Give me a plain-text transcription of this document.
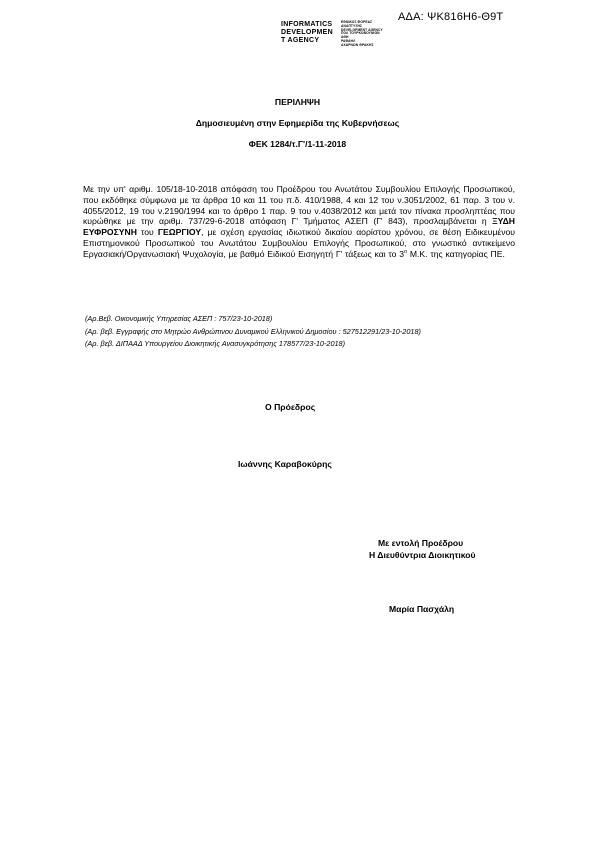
ΑΔΑ: ΨΚ816Η6-Θ9Τ
INFORMATICS
DEVELOPMEN
T AGENCY
ΕΘΝΙΚΟΣ ΦΟΡΕΑΣ
ΑΝΑΠΤΥΞΗΣ
DEVELOPMENT AGENCY
ΠΟΛ ΤΟΥΡΚΟΒΟΥΝΙΩΝ
ΑΘΗ
ΡΑΦΑΗΛ
ΑΧΑΡΝΩΝ ΘΡΑΚΗΣ
ΠΕΡΙΛΗΨΗ
Δημοσιευμένη στην Εφημερίδα της Κυβερνήσεως
ΦΕΚ 1284/τ.Γ'/1-11-2018
Με την υπ' αριθμ. 105/18-10-2018 απόφαση του Προέδρου του Ανωτάτου Συμβουλίου Επιλογής Προσωπικού, που εκδόθηκε σύμφωνα με τα άρθρα 10 και 11 του π.δ. 410/1988, 4 και 12 του ν.3051/2002, 61 παρ. 3 του ν. 4055/2012, 19 του ν.2190/1994 και το άρθρο 1 παρ. 9 του ν.4038/2012 και μετά τον πίνακα προσληπτέας που κυρώθηκε με την αριθμ. 737/29-6-2018 απόφαση Γ' Τμήματος ΑΣΕΠ (Γ' 843), προσλαμβάνεται η ΞΥΔΗ ΕΥΦΡΟΣΥΝΗ του ΓΕΩΡΓΙΟΥ, με σχέση εργασίας ιδιωτικού δικαίου αορίστου χρόνου, σε θέση Ειδικευμένου Επιστημονικού Προσωπικού του Ανωτάτου Συμβουλίου Επιλογής Προσωπικού, στο γνωστικό αντικείμενο Εργασιακή/Οργανωσιακή Ψυχολογία, με βαθμό Ειδικού Εισηγητή Γ' τάξεως και το $3^o$ Μ.Κ. της κατηγορίας ΠΕ.
(Αρ.Βεβ. Οικονομικής Υπηρεσίας ΑΣΕΠ : 757/23-10-2018)
(Αρ. βεβ. Εγγραφής στο Μητρώο Ανθρώπινου Δυναμικού Ελληνικού Δημοσίου : 527512291/23-10-2018)
(Αρ. βεβ. ΔΙΠΑΑΔ Υπουργείου Διοικητικής Ανασυγκρότησης 178577/23-10-2018)
Ο Πρόεδρος
Ιωάννης Καραβοκύρης
Με εντολή Προέδρου
Η Διευθύντρια Διοικητικού
Μαρία Πασχάλη
